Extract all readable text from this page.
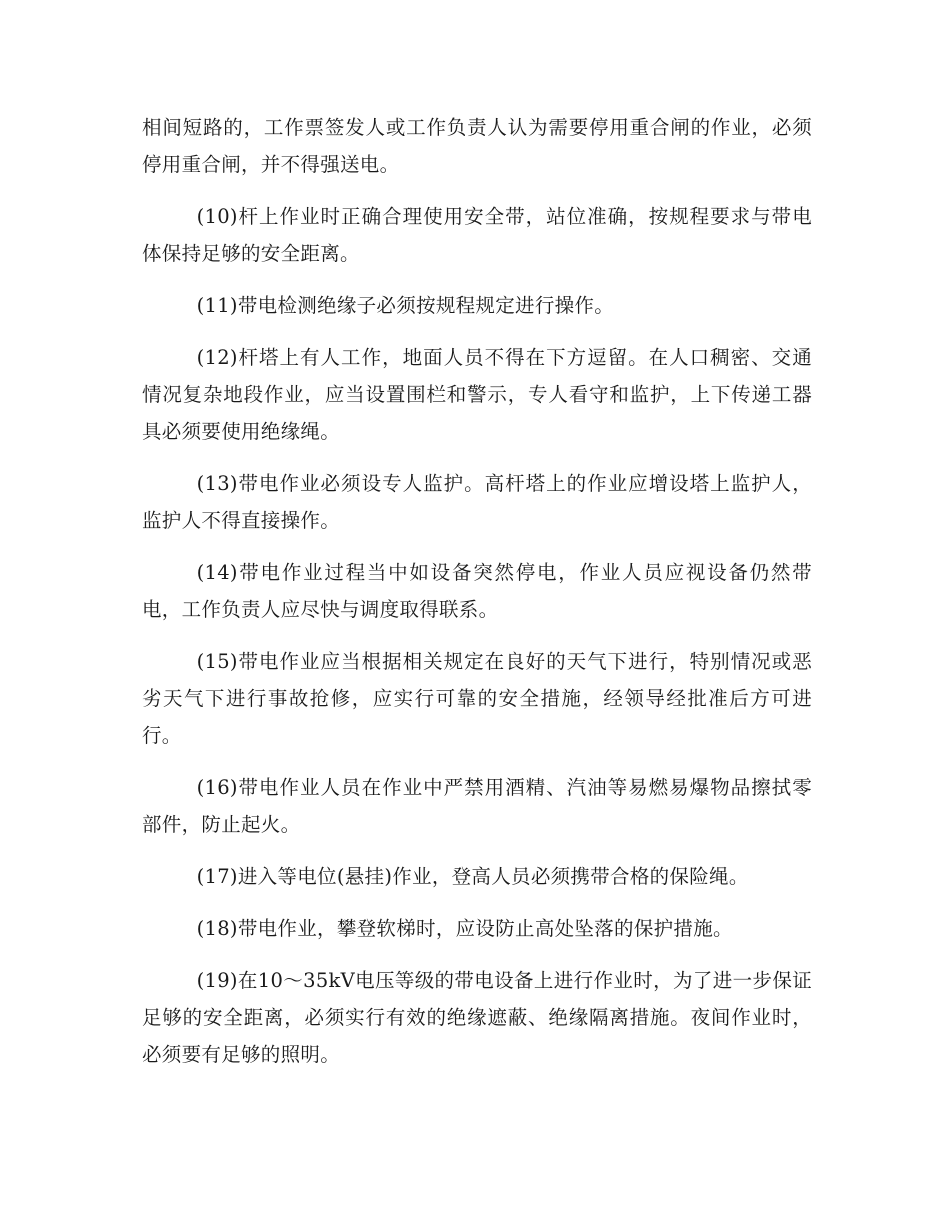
相间短路的，工作票签发人或工作负责人认为需要停用重合闸的作业，必须停用重合闸，并不得强送电。

(10)杆上作业时正确合理使用安全带，站位准确，按规程要求与带电体保持足够的安全距离。

(11)带电检测绝缘子必须按规程规定进行操作。

(12)杆塔上有人工作，地面人员不得在下方逗留。在人口稠密、交通情况复杂地段作业，应当设置围栏和警示，专人看守和监护，上下传递工器具必须要使用绝缘绳。

(13)带电作业必须设专人监护。高杆塔上的作业应增设塔上监护人，监护人不得直接操作。

(14)带电作业过程当中如设备突然停电，作业人员应视设备仍然带电，工作负责人应尽快与调度取得联系。

(15)带电作业应当根据相关规定在良好的天气下进行，特别情况或恶劣天气下进行事故抢修，应实行可靠的安全措施，经领导经批准后方可进行。

(16)带电作业人员在作业中严禁用酒精、汽油等易燃易爆物品擦拭零部件，防止起火。

(17)进入等电位(悬挂)作业，登高人员必须携带合格的保险绳。

(18)带电作业，攀登软梯时，应设防止高处坠落的保护措施。

(19)在10～35kV电压等级的带电设备上进行作业时，为了进一步保证足够的安全距离，必须实行有效的绝缘遮蔽、绝缘隔离措施。夜间作业时，必须要有足够的照明。
